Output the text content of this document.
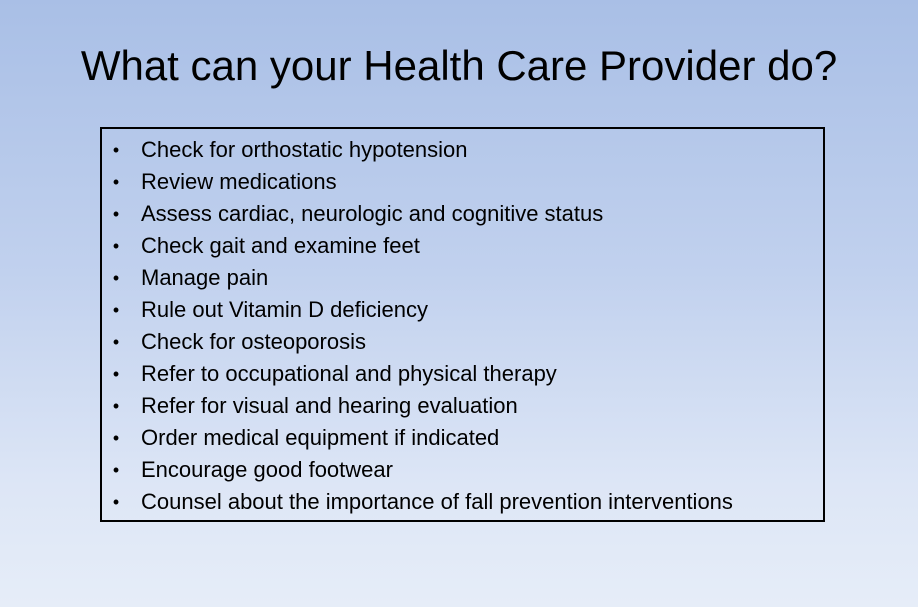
What can your Health Care Provider do?
• Check for orthostatic hypotension
• Review medications
• Assess cardiac, neurologic and cognitive status
• Check gait and examine feet
• Manage pain
• Rule out Vitamin D deficiency
• Check for osteoporosis
• Refer to occupational and physical therapy
• Refer for visual and hearing evaluation
• Order medical equipment if indicated
• Encourage good footwear
• Counsel about the importance of fall prevention interventions
